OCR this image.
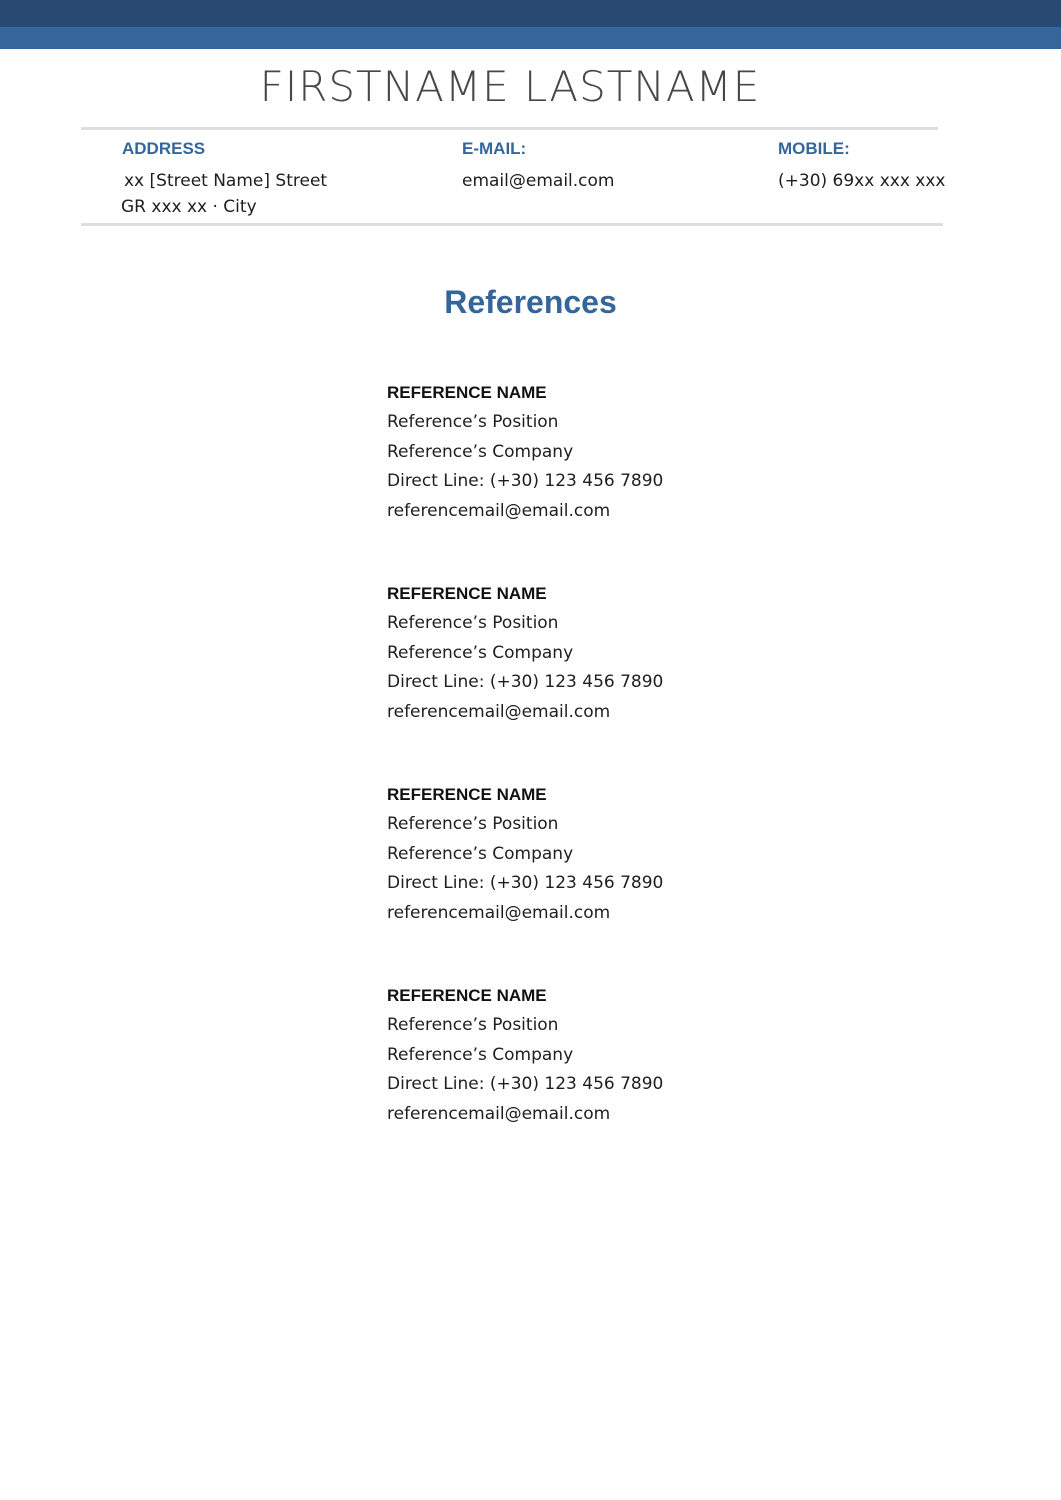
FIRSTNAME LASTNAME
ADDRESS
xx [Street Name] Street
GR xxx xx · City
E-MAIL:
email@email.com
MOBILE:
(+30) 69xx xxx xxx
References
REFERENCE NAME
Reference’s Position
Reference’s Company
Direct Line: (+30) 123 456 7890
referencemail@email.com
REFERENCE NAME
Reference’s Position
Reference’s Company
Direct Line: (+30) 123 456 7890
referencemail@email.com
REFERENCE NAME
Reference’s Position
Reference’s Company
Direct Line: (+30) 123 456 7890
referencemail@email.com
REFERENCE NAME
Reference’s Position
Reference’s Company
Direct Line: (+30) 123 456 7890
referencemail@email.com
